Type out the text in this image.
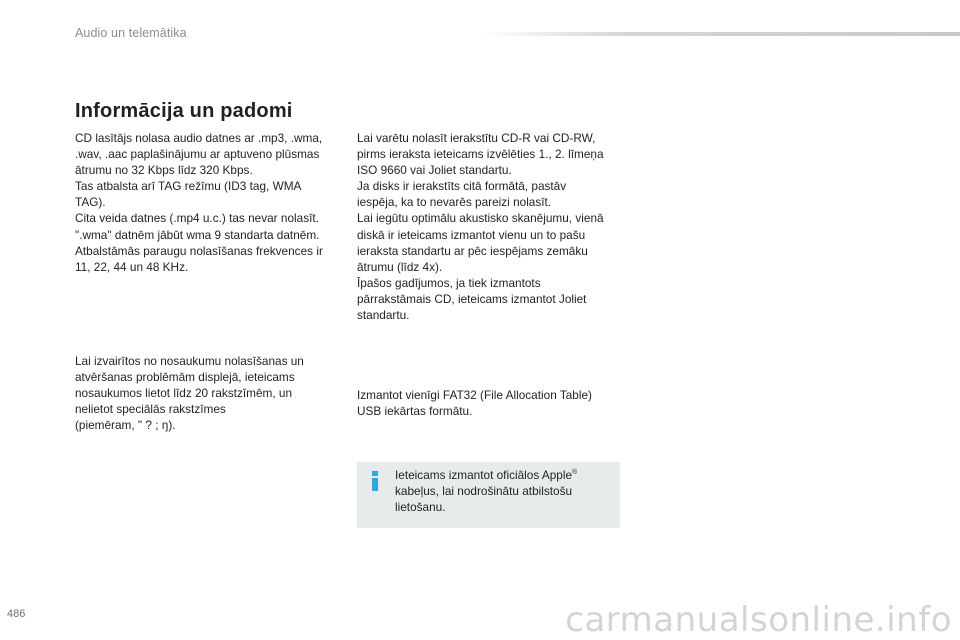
Audio un telemātika
Informācija un padomi
CD lasītājs nolasa audio datnes ar .mp3, .wma,
.wav, .aac paplašinājumu ar aptuveno plūsmas
ātrumu no 32 Kbps līdz 320 Kbps.
Tas atbalsta arī TAG režīmu (ID3 tag, WMA
TAG).
Cita veida datnes (.mp4 u.c.) tas nevar nolasīt.
".wma" datnēm jābūt wma 9 standarta datnēm.
Atbalstāmās paraugu nolasīšanas frekvences ir
11, 22, 44 un 48 KHz.
Lai izvairītos no nosaukumu nolasīšanas un
atvēršanas problēmām displejā, ieteicams
nosaukumos lietot līdz 20 rakstzīmēm, un
nelietot speciālās rakstzīmes
(piemēram, " ? ; ŋ).
Lai varētu nolasīt ierakstītu CD-R vai CD-RW,
pirms ieraksta ieteicams izvēlēties 1., 2. līmeņa
ISO 9660 vai Joliet standartu.
Ja disks ir ierakstīts citā formātā, pastāv
iespēja, ka to nevarēs pareizi nolasīt.
Lai iegūtu optimālu akustisko skanējumu, vienā
diskā ir ieteicams izmantot vienu un to pašu
ieraksta standartu ar pēc iespējams zemāku
ātrumu (līdz 4x).
Īpašos gadījumos, ja tiek izmantots
pārrakstāmais CD, ieteicams izmantot Joliet
standartu.
Izmantot vienīgi FAT32 (File Allocation Table)
USB iekārtas formātu.
Ieteicams izmantot oficiālos Apple®
kabeļus, lai nodrošinātu atbilstošu
lietošanu.
486	carmanualsonline.info
